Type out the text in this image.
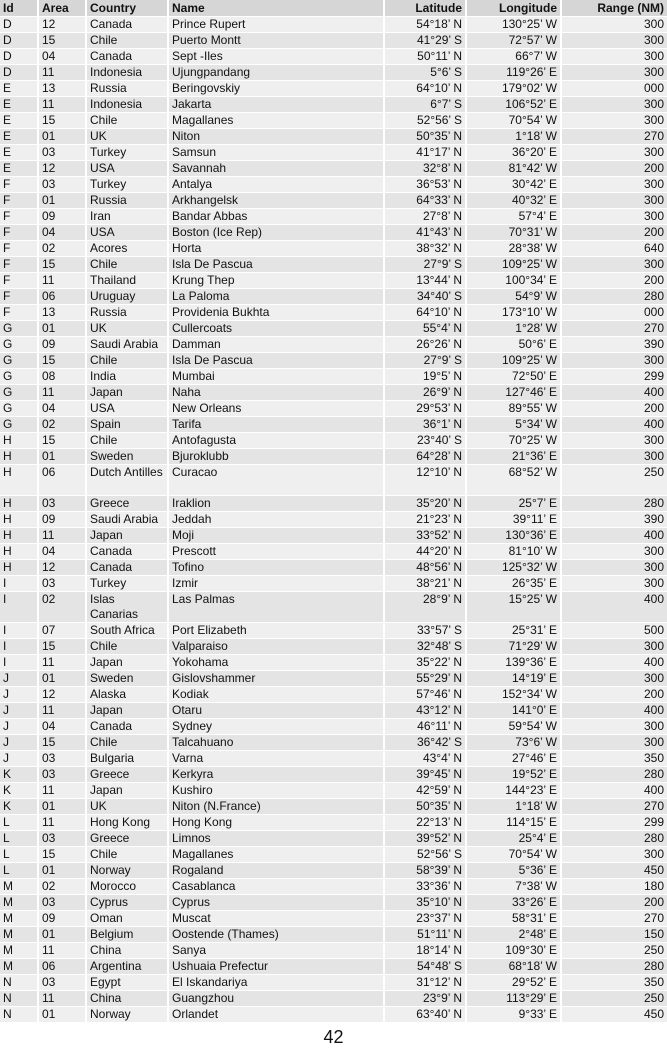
Id	Area	Country	Name	Latitude	Longitude	Range (NM)
D	12	Canada	Prince Rupert	54°18’ N	130°25’ W	300
D	15	Chile	Puerto Montt	41°29’ S	72°57’ W	300
D	04	Canada	Sept -Iles	50°11’ N	66°7’ W	300
D	11	Indonesia	Ujungpandang	5°6’ S	119°26’ E	300
E	13	Russia	Beringovskiy	64°10’ N	179°02’ W	000
E	11	Indonesia	Jakarta	6°7’ S	106°52’ E	300
E	15	Chile	Magallanes	52°56’ S	70°54’ W	300
E	01	UK	Niton	50°35’ N	1°18’ W	270
E	03	Turkey	Samsun	41°17’ N	36°20’ E	300
E	12	USA	Savannah	32°8’ N	81°42’ W	200
F	03	Turkey	Antalya	36°53’ N	30°42’ E	300
F	01	Russia	Arkhangelsk	64°33’ N	40°32’ E	300
F	09	Iran	Bandar Abbas	27°8’ N	57°4’ E	300
F	04	USA	Boston (Ice Rep)	41°43’ N	70°31’ W	200
F	02	Acores	Horta	38°32’ N	28°38’ W	640
F	15	Chile	Isla De Pascua	27°9’ S	109°25’ W	300
F	11	Thailand	Krung Thep	13°44’ N	100°34’ E	200
F	06	Uruguay	La Paloma	34°40’ S	54°9’ W	280
F	13	Russia	Providenia Bukhta	64°10’ N	173°10’ W	000
G	01	UK	Cullercoats	55°4’ N	1°28’ W	270
G	09	Saudi Arabia	Damman	26°26’ N	50°6’ E	390
G	15	Chile	Isla De Pascua	27°9’ S	109°25’ W	300
G	08	India	Mumbai	19°5’ N	72°50’ E	299
G	11	Japan	Naha	26°9’ N	127°46’ E	400
G	04	USA	New Orleans	29°53’ N	89°55’ W	200
G	02	Spain	Tarifa	36°1’ N	5°34’ W	400
H	15	Chile	Antofagusta	23°40’ S	70°25’ W	300
H	01	Sweden	Bjuroklubb	64°28’ N	21°36’ E	300
H	06	Dutch Antilles	Curacao	12°10’ N	68°52’ W	250
H	03	Greece	Iraklion	35°20’ N	25°7’ E	280
H	09	Saudi Arabia	Jeddah	21°23’ N	39°11’ E	390
H	11	Japan	Moji	33°52’ N	130°36’ E	400
H	04	Canada	Prescott	44°20’ N	81°10’ W	300
H	12	Canada	Tofino	48°56’ N	125°32’ W	300
I	03	Turkey	Izmir	38°21’ N	26°35’ E	300
I	02	Islas Canarias	Las Palmas	28°9’ N	15°25’ W	400
I	07	South Africa	Port Elizabeth	33°57’ S	25°31’ E	500
I	15	Chile	Valparaiso	32°48’ S	71°29’ W	300
I	11	Japan	Yokohama	35°22’ N	139°36’ E	400
J	01	Sweden	Gislovshammer	55°29’ N	14°19’ E	300
J	12	Alaska	Kodiak	57°46’ N	152°34’ W	200
J	11	Japan	Otaru	43°12’ N	141°0’ E	400
J	04	Canada	Sydney	46°11’ N	59°54’ W	300
J	15	Chile	Talcahuano	36°42’ S	73°6’ W	300
J	03	Bulgaria	Varna	43°4’ N	27°46’ E	350
K	03	Greece	Kerkyra	39°45’ N	19°52’ E	280
K	11	Japan	Kushiro	42°59’ N	144°23’ E	400
K	01	UK	Niton (N.France)	50°35’ N	1°18’ W	270
L	11	Hong Kong	Hong Kong	22°13’ N	114°15’ E	299
L	03	Greece	Limnos	39°52’ N	25°4’ E	280
L	15	Chile	Magallanes	52°56’ S	70°54’ W	300
L	01	Norway	Rogaland	58°39’ N	5°36’ E	450
M	02	Morocco	Casablanca	33°36’ N	7°38’ W	180
M	03	Cyprus	Cyprus	35°10’ N	33°26’ E	200
M	09	Oman	Muscat	23°37’ N	58°31’ E	270
M	01	Belgium	Oostende (Thames)	51°11’ N	2°48’ E	150
M	11	China	Sanya	18°14’ N	109°30’ E	250
M	06	Argentina	Ushuaia Prefectur	54°48’ S	68°18’ W	280
N	03	Egypt	El Iskandariya	31°12’ N	29°52’ E	350
N	11	China	Guangzhou	23°9’ N	113°29’ E	250
N	01	Norway	Orlandet	63°40’ N	9°33’ E	450
42
